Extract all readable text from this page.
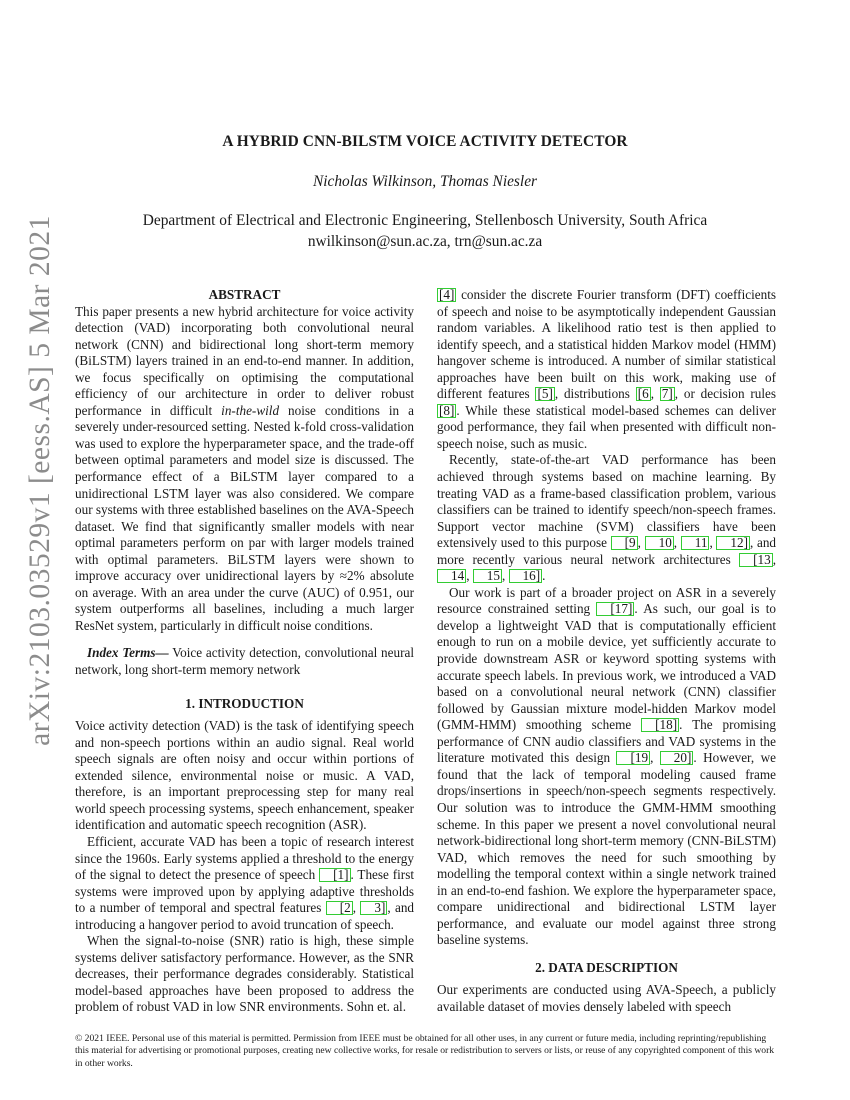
arXiv:2103.03529v1 [eess.AS] 5 Mar 2021
A HYBRID CNN-BILSTM VOICE ACTIVITY DETECTOR
Nicholas Wilkinson, Thomas Niesler
Department of Electrical and Electronic Engineering, Stellenbosch University, South Africa
nwilkinson@sun.ac.za, trn@sun.ac.za
ABSTRACT

This paper presents a new hybrid architecture for voice activity detection (VAD) incorporating both convolutional neural network (CNN) and bidirectional long short-term memory (BiLSTM) layers trained in an end-to-end manner. In addition, we focus specifically on optimising the computational efficiency of our architecture in order to deliver robust performance in difficult in-the-wild noise conditions in a severely under-resourced setting. Nested k-fold cross-validation was used to explore the hyperparameter space, and the trade-off between optimal parameters and model size is discussed. The performance effect of a BiLSTM layer compared to a unidirectional LSTM layer was also considered. We compare our systems with three established baselines on the AVA-Speech dataset. We find that significantly smaller models with near optimal parameters perform on par with larger models trained with optimal parameters. BiLSTM layers were shown to improve accuracy over unidirectional layers by ≈2% absolute on average. With an area under the curve (AUC) of 0.951, our system outperforms all baselines, including a much larger ResNet system, particularly in difficult noise conditions.

Index Terms— Voice activity detection, convolutional neural network, long short-term memory network

1. INTRODUCTION

Voice activity detection (VAD) is the task of identifying speech and non-speech portions within an audio signal. Real world speech signals are often noisy and occur within portions of extended silence, environmental noise or music. A VAD, therefore, is an important preprocessing step for many real world speech processing systems, speech enhancement, speaker identification and automatic speech recognition (ASR).

Efficient, accurate VAD has been a topic of research interest since the 1960s. Early systems applied a threshold to the energy of the signal to detect the presence of speech [1] . These first systems were improved upon by applying adaptive thresholds to a number of temporal and spectral features [2 , 3] , and introducing a hangover period to avoid truncation of speech.

When the signal-to-noise (SNR) ratio is high, these simple systems deliver satisfactory performance. However, as the SNR decreases, their performance degrades considerably. Statistical model-based approaches have been proposed to address the problem of robust VAD in low SNR environments. Sohn et. al.

[4] consider the discrete Fourier transform (DFT) coefficients of speech and noise to be asymptotically independent Gaussian random variables. A likelihood ratio test is then applied to identify speech, and a statistical hidden Markov model (HMM) hangover scheme is introduced. A number of similar statistical approaches have been built on this work, making use of different features [5] , distributions [6 , 7] , or decision rules [8] . While these statistical model-based schemes can deliver good performance, they fail when presented with difficult non-speech noise, such as music.

Recently, state-of-the-art VAD performance has been achieved through systems based on machine learning. By treating VAD as a frame-based classification problem, various classifiers can be trained to identify speech/non-speech frames. Support vector machine (SVM) classifiers have been extensively used to this purpose [9 , 10 , 11 , 12] , and more recently various neural network architectures [13 , 14 , 15 , 16] .

Our work is part of a broader project on ASR in a severely resource constrained setting [17] . As such, our goal is to develop a lightweight VAD that is computationally efficient enough to run on a mobile device, yet sufficiently accurate to provide downstream ASR or keyword spotting systems with accurate speech labels. In previous work, we introduced a VAD based on a convolutional neural network (CNN) classifier followed by Gaussian mixture model-hidden Markov model (GMM-HMM) smoothing scheme [18] . The promising performance of CNN audio classifiers and VAD systems in the literature motivated this design [19 , 20] . However, we found that the lack of temporal modeling caused frame drops/insertions in speech/non-speech segments respectively. Our solution was to introduce the GMM-HMM smoothing scheme. In this paper we present a novel convolutional neural network-bidirectional long short-term memory (CNN-BiLSTM) VAD, which removes the need for such smoothing by modelling the temporal context within a single network trained in an end-to-end fashion. We explore the hyperparameter space, compare unidirectional and bidirectional LSTM layer performance, and evaluate our model against three strong baseline systems.

2. DATA DESCRIPTION

Our experiments are conducted using AVA-Speech, a publicly available dataset of movies densely labeled with speech

© 2021 IEEE. Personal use of this material is permitted. Permission from IEEE must be obtained for all other uses, in any current or future media, including reprinting/republishing this material for advertising or promotional purposes, creating new collective works, for resale or redistribution to servers or lists, or reuse of any copyrighted component of this work in other works.
